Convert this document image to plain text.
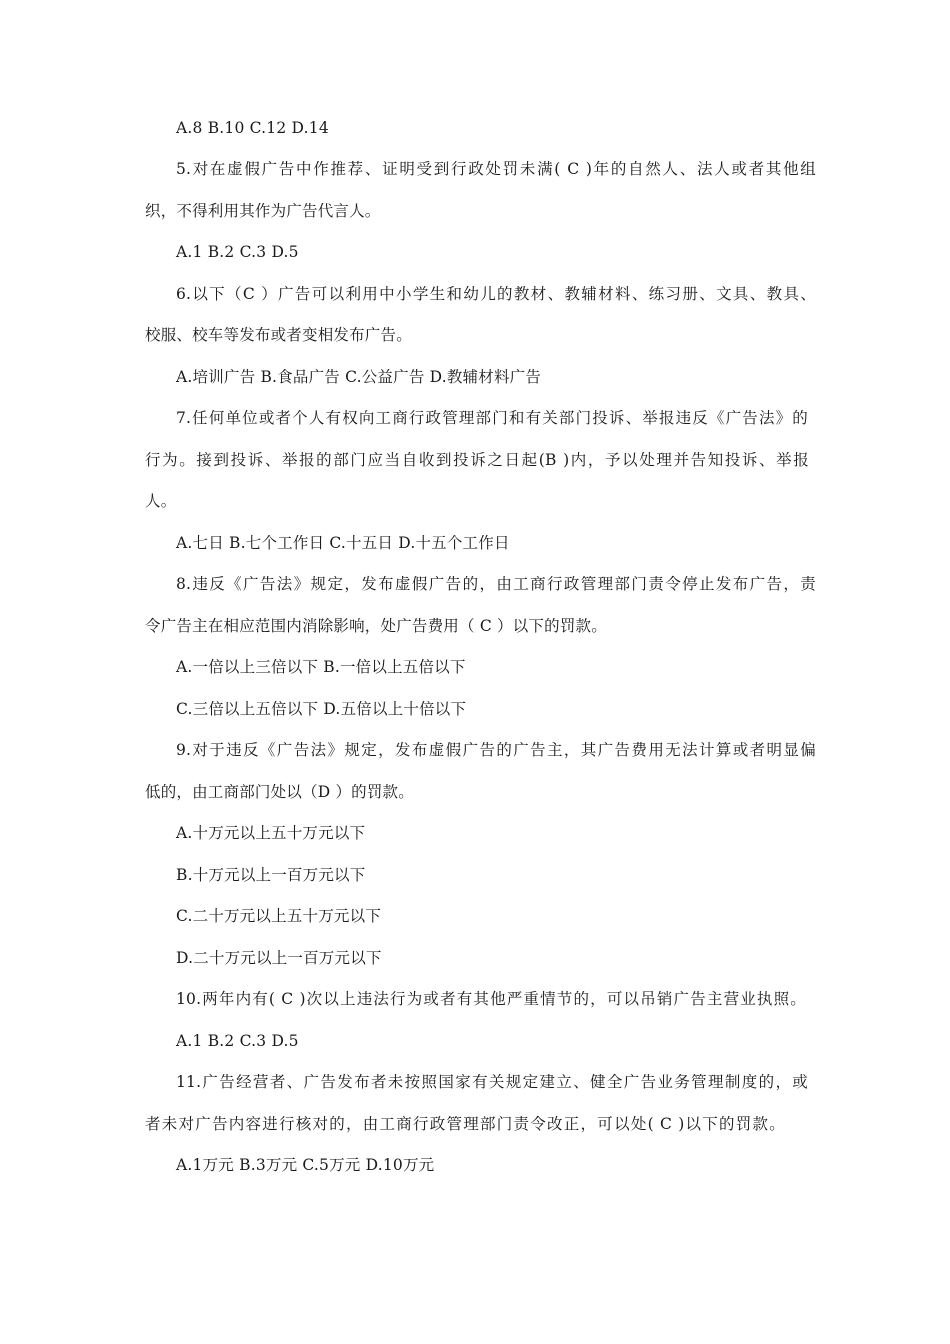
A.8 B.10 C.12 D.14
5.对在虚假广告中作推荐、证明受到行政处罚未满( C )年的自然人、法人或者其他组
织，不得利用其作为广告代言人。
A.1 B.2 C.3 D.5
6.以下（C ）广告可以利用中小学生和幼儿的教材、教辅材料、练习册、文具、教具、
校服、校车等发布或者变相发布广告。
A.培训广告 B.食品广告 C.公益广告 D.教辅材料广告
7.任何单位或者个人有权向工商行政管理部门和有关部门投诉、举报违反《广告法》的
行为。接到投诉、举报的部门应当自收到投诉之日起(B )内，予以处理并告知投诉、举报
人。
A.七日 B.七个工作日 C.十五日 D.十五个工作日
8.违反《广告法》规定，发布虚假广告的，由工商行政管理部门责令停止发布广告，责
令广告主在相应范围内消除影响，处广告费用（ C ）以下的罚款。
A.一倍以上三倍以下 B.一倍以上五倍以下
C.三倍以上五倍以下 D.五倍以上十倍以下
9.对于违反《广告法》规定，发布虚假广告的广告主，其广告费用无法计算或者明显偏
低的，由工商部门处以（D ）的罚款。
A.十万元以上五十万元以下
B.十万元以上一百万元以下
C.二十万元以上五十万元以下
D.二十万元以上一百万元以下
10.两年内有( C )次以上违法行为或者有其他严重情节的，可以吊销广告主营业执照。
A.1 B.2 C.3 D.5
11.广告经营者、广告发布者未按照国家有关规定建立、健全广告业务管理制度的，或
者未对广告内容进行核对的，由工商行政管理部门责令改正，可以处( C )以下的罚款。
A.1万元 B.3万元 C.5万元 D.10万元
